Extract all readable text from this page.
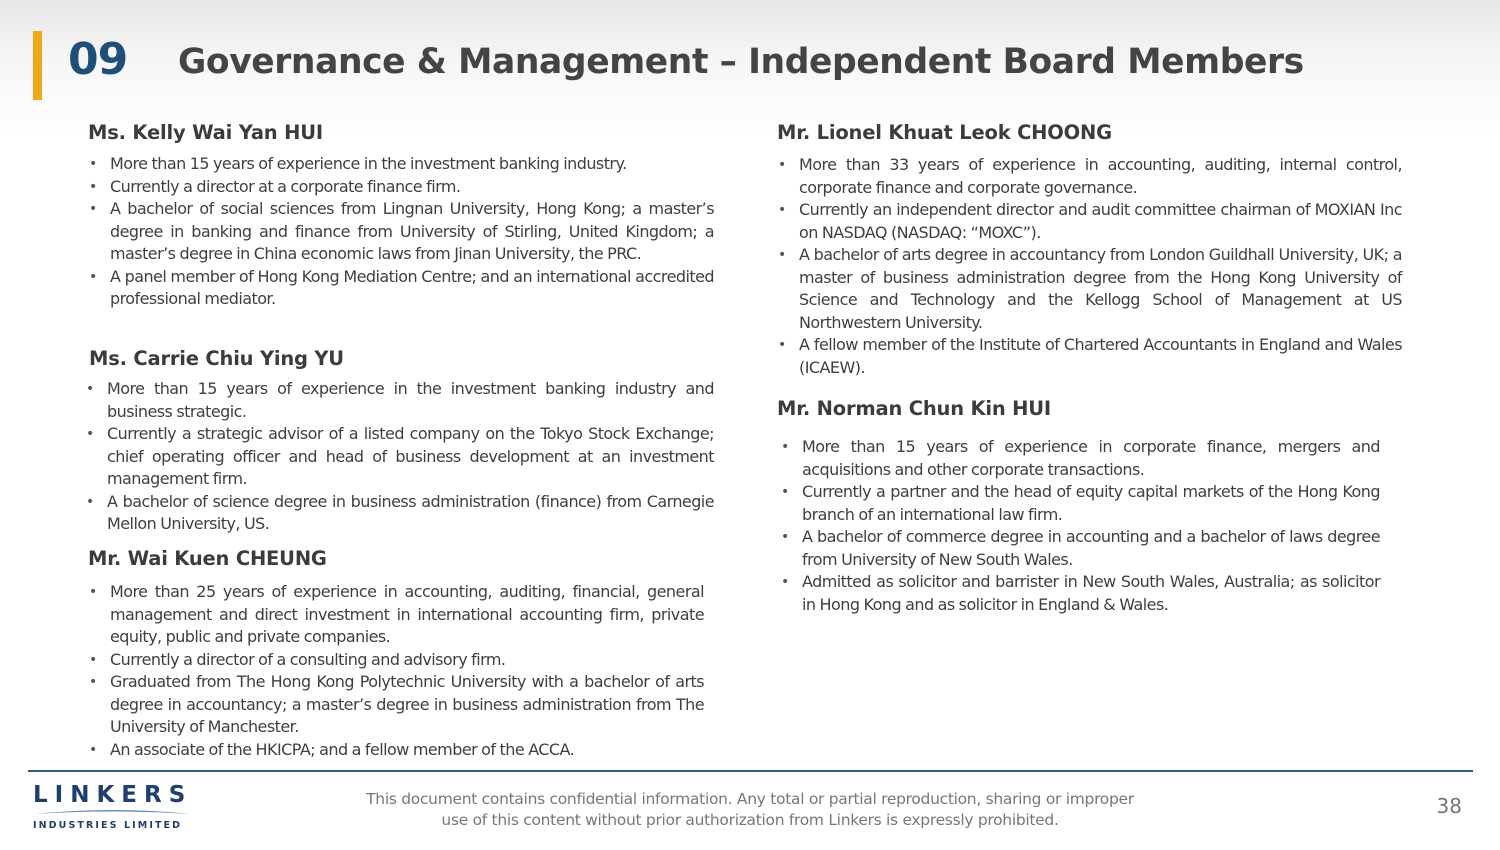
09 Governance & Management – Independent Board Members
Ms. Kelly Wai Yan HUI
• More than 15 years of experience in the investment banking industry.
• Currently a director at a corporate finance firm.
• A bachelor of social sciences from Lingnan University, Hong Kong; a master’s degree in banking and finance from University of Stirling, United Kingdom; a master’s degree in China economic laws from Jinan University, the PRC.
• A panel member of Hong Kong Mediation Centre; and an international accredited professional mediator.
Ms. Carrie Chiu Ying YU
• More than 15 years of experience in the investment banking industry and business strategic.
• Currently a strategic advisor of a listed company on the Tokyo Stock Exchange; chief operating officer and head of business development at an investment management firm.
• A bachelor of science degree in business administration (finance) from Carnegie Mellon University, US.
Mr. Wai Kuen CHEUNG
• More than 25 years of experience in accounting, auditing, financial, general management and direct investment in international accounting firm, private equity, public and private companies.
• Currently a director of a consulting and advisory firm.
• Graduated from The Hong Kong Polytechnic University with a bachelor of arts degree in accountancy; a master’s degree in business administration from The University of Manchester.
• An associate of the HKICPA; and a fellow member of the ACCA.
Mr. Lionel Khuat Leok CHOONG
• More than 33 years of experience in accounting, auditing, internal control, corporate finance and corporate governance.
• Currently an independent director and audit committee chairman of MOXIAN Inc on NASDAQ (NASDAQ: “MOXC”).
• A bachelor of arts degree in accountancy from London Guildhall University, UK; a master of business administration degree from the Hong Kong University of Science and Technology and the Kellogg School of Management at US Northwestern University.
• A fellow member of the Institute of Chartered Accountants in England and Wales (ICAEW).
Mr. Norman Chun Kin HUI
• More than 15 years of experience in corporate finance, mergers and acquisitions and other corporate transactions.
• Currently a partner and the head of equity capital markets of the Hong Kong branch of an international law firm.
• A bachelor of commerce degree in accounting and a bachelor of laws degree from University of New South Wales.
• Admitted as solicitor and barrister in New South Wales, Australia; as solicitor in Hong Kong and as solicitor in England & Wales.
LINKERS
INDUSTRIES LIMITED
This document contains confidential information. Any total or partial reproduction, sharing or improper
use of this content without prior authorization from Linkers is expressly prohibited.
38
